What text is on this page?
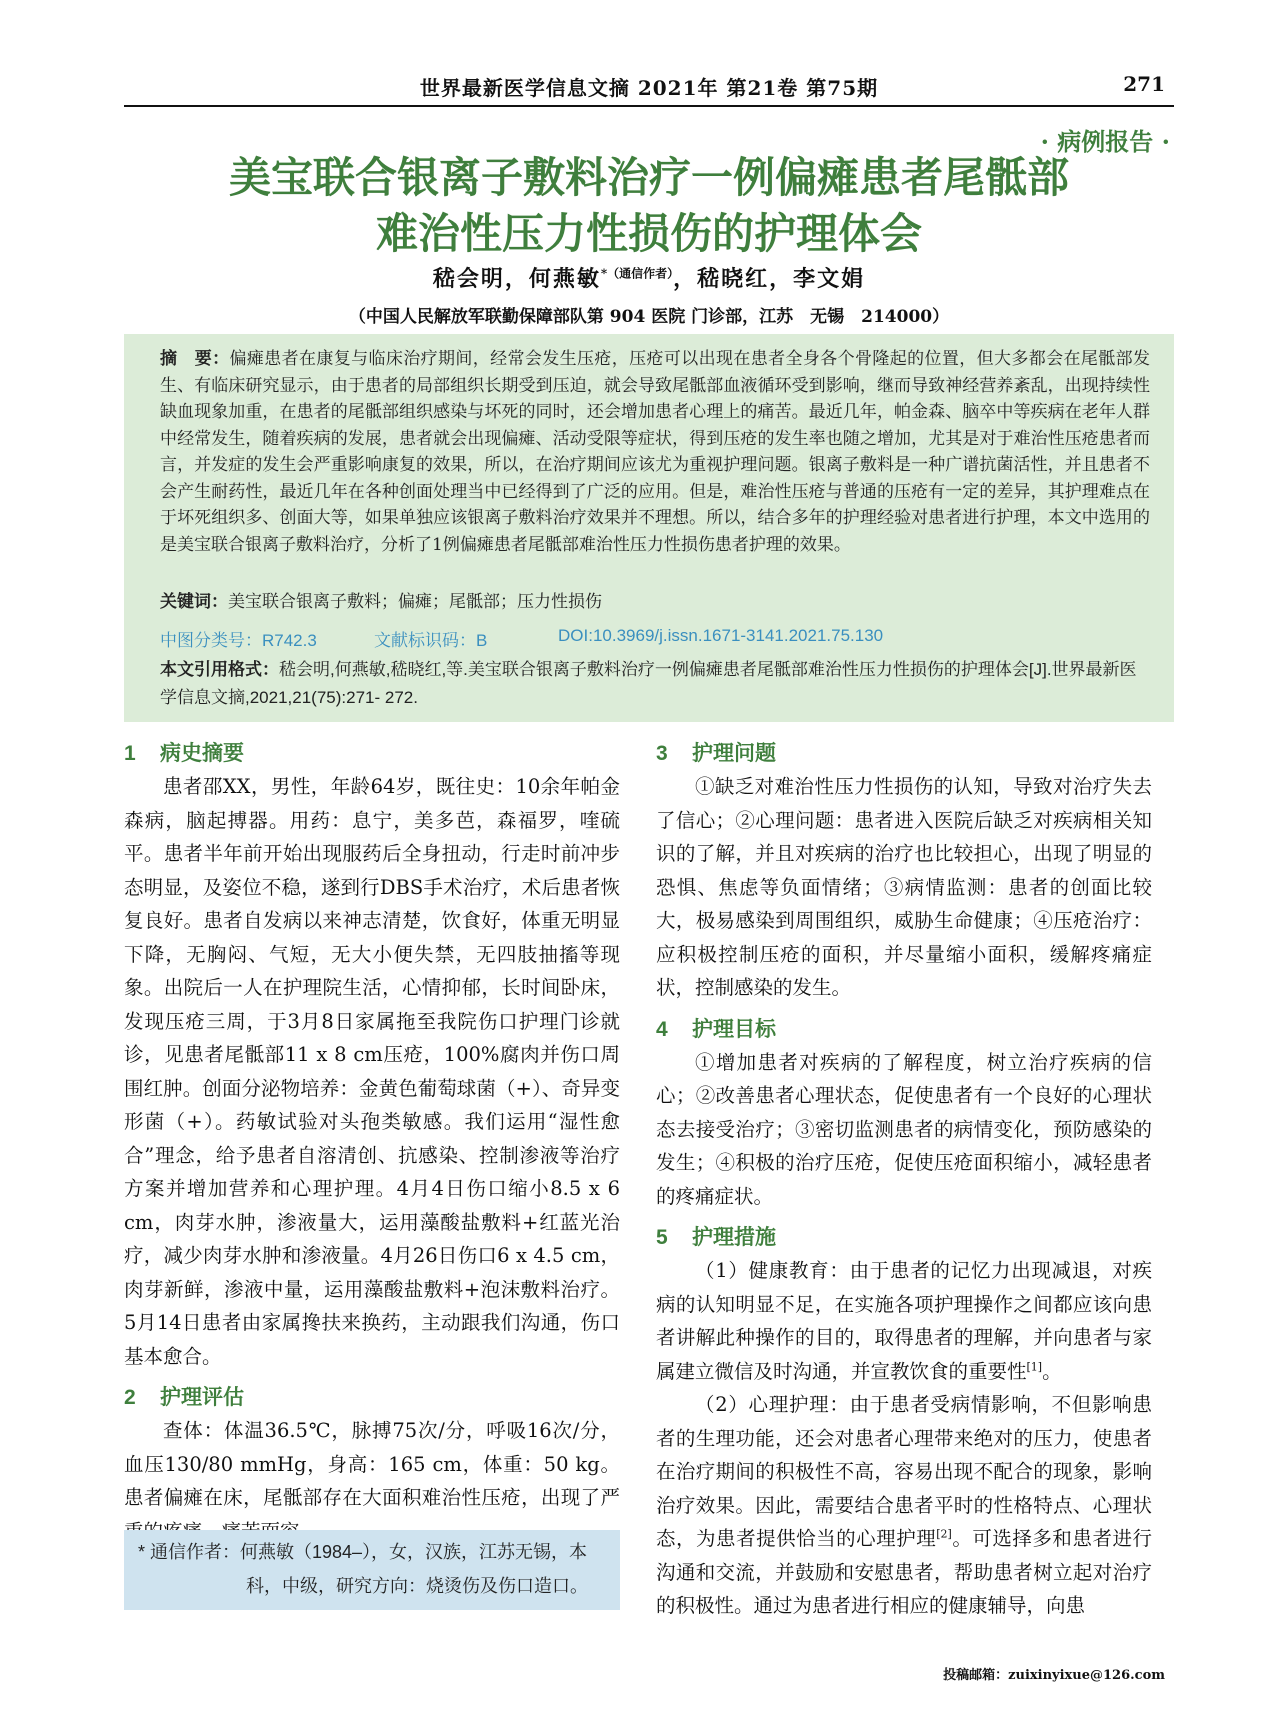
世界最新医学信息文摘 2021年 第21卷 第75期	271
· 病例报告 ·
美宝联合银离子敷料治疗一例偏瘫患者尾骶部
难治性压力性损伤的护理体会
嵇会明，何燕敏$^{*(通信作者)}$，嵇晓红，李文娟
（中国人民解放军联勤保障部队第 904 医院 门诊部，江苏　无锡　214000）
摘　要：偏瘫患者在康复与临床治疗期间，经常会发生压疮，压疮可以出现在患者全身各个骨隆起的位置，但大多都会在尾骶部发生、有临床研究显示，由于患者的局部组织长期受到压迫，就会导致尾骶部血液循环受到影响，继而导致神经营养紊乱，出现持续性缺血现象加重，在患者的尾骶部组织感染与坏死的同时，还会增加患者心理上的痛苦。最近几年，帕金森、脑卒中等疾病在老年人群中经常发生，随着疾病的发展，患者就会出现偏瘫、活动受限等症状，得到压疮的发生率也随之增加，尤其是对于难治性压疮患者而言，并发症的发生会严重影响康复的效果，所以，在治疗期间应该尤为重视护理问题。银离子敷料是一种广谱抗菌活性，并且患者不会产生耐药性，最近几年在各种创面处理当中已经得到了广泛的应用。但是，难治性压疮与普通的压疮有一定的差异，其护理难点在于坏死组织多、创面大等，如果单独应该银离子敷料治疗效果并不理想。所以，结合多年的护理经验对患者进行护理，本文中选用的是美宝联合银离子敷料治疗，分析了1例偏瘫患者尾骶部难治性压力性损伤患者护理的效果。
关键词：美宝联合银离子敷料；偏瘫；尾骶部；压力性损伤
中图分类号：R742.3	文献标识码：B	DOI:10.3969/j.issn.1671-3141.2021.75.130
本文引用格式：嵇会明,何燕敏,嵇晓红,等.美宝联合银离子敷料治疗一例偏瘫患者尾骶部难治性压力性损伤的护理体会[J].世界最新医学信息文摘,2021,21(75):271- 272.

1 病史摘要

患者邵XX，男性，年龄64岁，既往史：10余年帕金森病，脑起搏器。用药：息宁，美多芭，森福罗，喹硫平。患者半年前开始出现服药后全身扭动，行走时前冲步态明显，及姿位不稳，遂到行DBS手术治疗，术后患者恢复良好。患者自发病以来神志清楚，饮食好，体重无明显下降，无胸闷、气短，无大小便失禁，无四肢抽搐等现象。出院后一人在护理院生活，心情抑郁，长时间卧床，发现压疮三周，于3月8日家属拖至我院伤口护理门诊就诊，见患者尾骶部11 x 8 cm压疮，100%腐肉并伤口周围红肿。创面分泌物培养：金黄色葡萄球菌（+）、奇异变形菌（+）。药敏试验对头孢类敏感。我们运用“湿性愈合”理念，给予患者自溶清创、抗感染、控制渗液等治疗方案并增加营养和心理护理。4月4日伤口缩小8.5 x 6 cm，肉芽水肿，渗液量大，运用藻酸盐敷料+红蓝光治疗，减少肉芽水肿和渗液量。4月26日伤口6 x 4.5 cm，肉芽新鲜，渗液中量，运用藻酸盐敷料+泡沫敷料治疗。5月14日患者由家属搀扶来换药，主动跟我们沟通，伤口基本愈合。

2 护理评估

查体：体温36.5℃，脉搏75次/分，呼吸16次/分，血压130/80 mmHg，身高：165 cm，体重：50 kg。患者偏瘫在床，尾骶部存在大面积难治性压疮，出现了严

* 通信作者：何燕敏（1984–），女，汉族，江苏无锡，本
科，中级，研究方向：烧烫伤及伤口造口。

3 护理问题

①缺乏对难治性压力性损伤的认知，导致对治疗失去了信心；②心理问题：患者进入医院后缺乏对疾病相关知识的了解，并且对疾病的治疗也比较担心，出现了明显的恐惧、焦虑等负面情绪；③病情监测：患者的创面比较大，极易感染到周围组织，威胁生命健康；④压疮治疗：应积极控制压疮的面积，并尽量缩小面积，缓解疼痛症状，控制感染的发生。

4 护理目标

①增加患者对疾病的了解程度，树立治疗疾病的信心；②改善患者心理状态，促使患者有一个良好的心理状态去接受治疗；③密切监测患者的病情变化，预防感染的发生；④积极的治疗压疮，促使压疮面积缩小，减轻患者的疼痛症状。

5 护理措施

（1）健康教育：由于患者的记忆力出现减退，对疾病的认知明显不足，在实施各项护理操作之间都应该向患者讲解此种操作的目的，取得患者的理解，并向患者与家属建立微信及时沟通，并宣教饮食的重要性[1]。

（2）心理护理：由于患者受病情影响，不但影响患者的生理功能，还会对患者心理带来绝对的压力，使患者在治疗期间的积极性不高，容易出现不配合的现象，影响治疗效果。因此，需要结合患者平时的性格特点、心理状态，为患者提供恰当的心理护理[2]。可选择多和患者进行沟通和交流，并鼓励和安慰患者，帮助患者树立起对治疗的积极性。通过为患者进行相应的健康辅导，向患

投稿邮箱：zuixinyixue@126.com
